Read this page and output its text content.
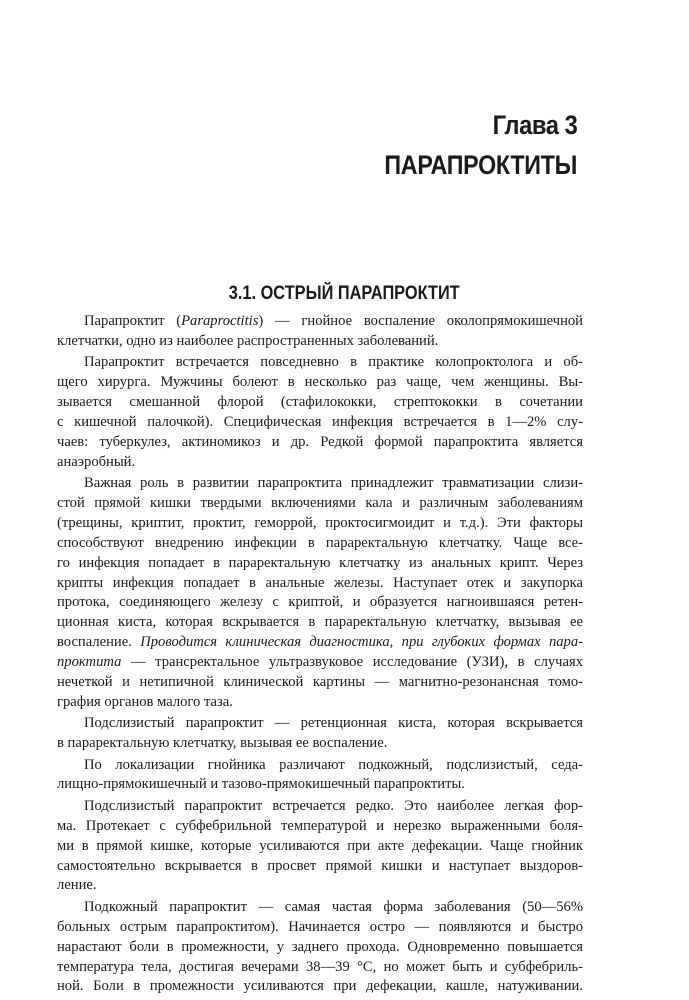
Глава 3
ПАРАПРОКТИТЫ
3.1. ОСТРЫЙ ПАРАПРОКТИТ
Парапроктит (Paraproctitis) — гнойное воспаление околопрямокишечной
клетчатки, одно из наиболее распространенных заболеваний.
Парапроктит встречается повседневно в практике колопроктолога и об-
щего хирурга. Мужчины болеют в несколько раз чаще, чем женщины. Вы-
зывается смешанной флорой (стафилококки, стрептококки в сочетании
с кишечной палочкой). Специфическая инфекция встречается в 1—2% слу-
чаев: туберкулез, актиномикоз и др. Редкой формой парапроктита является
анаэробный.
Важная роль в развитии парапроктита принадлежит травматизации слизи-
стой прямой кишки твердыми включениями кала и различным заболеваниям
(трещины, криптит, проктит, геморрой, проктосигмоидит и т.д.). Эти факторы
способствуют внедрению инфекции в параректальную клетчатку. Чаще все-
го инфекция попадает в параректальную клетчатку из анальных крипт. Через
крипты инфекция попадает в анальные железы. Наступает отек и закупорка
протока, соединяющего железу с криптой, и образуется нагноившаяся ретен-
ционная киста, которая вскрывается в параректальную клетчатку, вызывая ее
воспаление. Проводится клиническая диагностика, при глубоких формах пара-
проктита — трансректальное ультразвуковое исследование (УЗИ), в случаях
нечеткой и нетипичной клинической картины — магнитно-резонансная томо-
графия органов малого таза.
Подслизистый парапроктит — ретенционная киста, которая вскрывается
в параректальную клетчатку, вызывая ее воспаление.
По локализации гнойника различают подкожный, подслизистый, седа-
лищно-прямокишечный и тазово-прямокишечный парапроктиты.
Подслизистый парапроктит встречается редко. Это наиболее легкая фор-
ма. Протекает с субфебрильной температурой и нерезко выраженными боля-
ми в прямой кишке, которые усиливаются при акте дефекации. Чаще гнойник
самостоятельно вскрывается в просвет прямой кишки и наступает выздоров-
ление.
Подкожный парапроктит — самая частая форма заболевания (50—56%
больных острым парапроктитом). Начинается остро — появляются и быстро
нарастают боли в промежности, у заднего прохода. Одновременно повышается
температура тела, достигая вечерами 38—39 °С, но может быть и субфебриль-
ной. Боли в промежности усиливаются при дефекации, кашле, натуживании.
